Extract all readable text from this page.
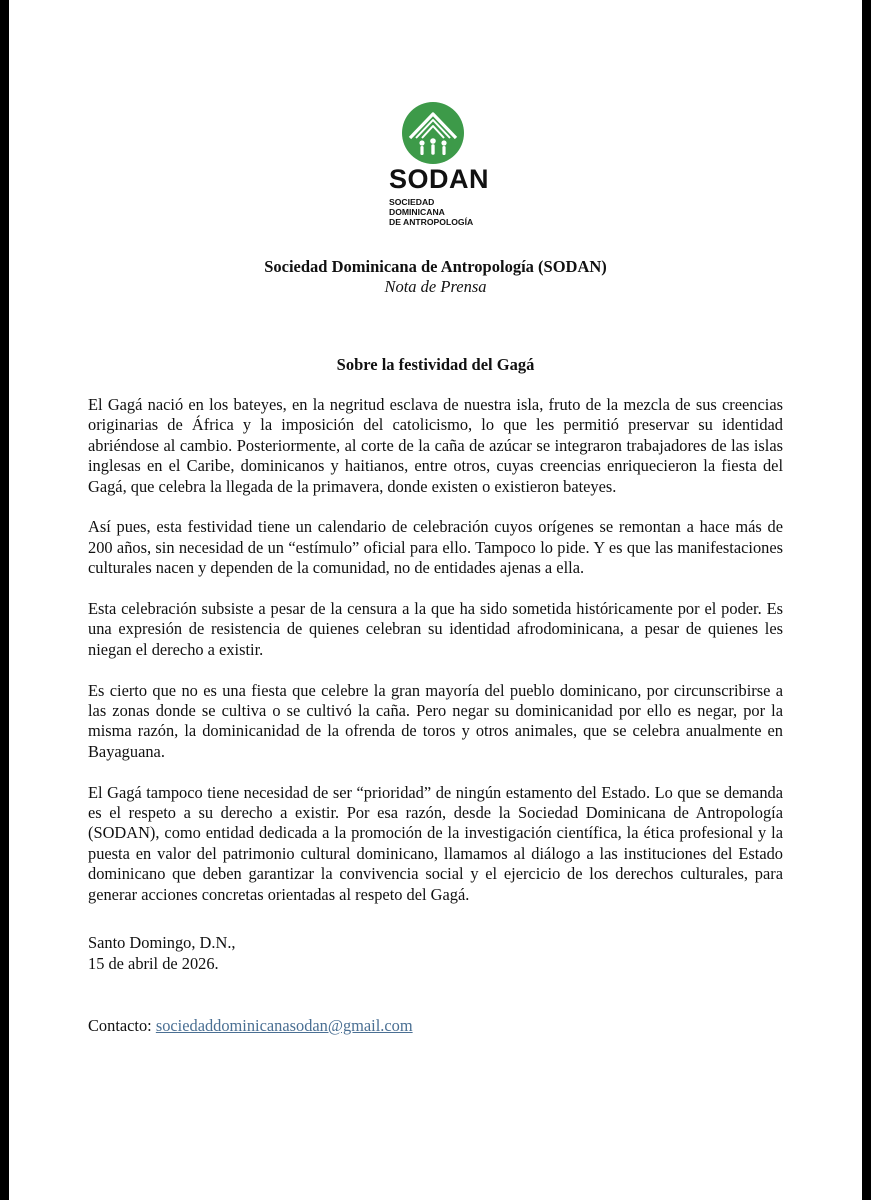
SODAN
SOCIEDAD
DOMINICANA
DE ANTROPOLOGÍA
Sociedad Dominicana de Antropología (SODAN)
Nota de Prensa
Sobre la festividad del Gagá

El Gagá nació en los bateyes, en la negritud esclava de nuestra isla, fruto de la mezcla de sus creencias originarias de África y la imposición del catolicismo, lo que les permitió preservar su identidad abriéndose al cambio. Posteriormente, al corte de la caña de azúcar se integraron trabajadores de las islas inglesas en el Caribe, dominicanos y haitianos, entre otros, cuyas creencias enriquecieron la fiesta del Gagá, que celebra la llegada de la primavera, donde existen o existieron bateyes.

Así pues, esta festividad tiene un calendario de celebración cuyos orígenes se remontan a hace más de 200 años, sin necesidad de un “estímulo” oficial para ello. Tampoco lo pide. Y es que las manifestaciones culturales nacen y dependen de la comunidad, no de entidades ajenas a ella.

Esta celebración subsiste a pesar de la censura a la que ha sido sometida históricamente por el poder. Es una expresión de resistencia de quienes celebran su identidad afrodominicana, a pesar de quienes les niegan el derecho a existir.

Es cierto que no es una fiesta que celebre la gran mayoría del pueblo dominicano, por circunscribirse a las zonas donde se cultiva o se cultivó la caña. Pero negar su dominicanidad por ello es negar, por la misma razón, la dominicanidad de la ofrenda de toros y otros animales, que se celebra anualmente en Bayaguana.

El Gagá tampoco tiene necesidad de ser “prioridad” de ningún estamento del Estado. Lo que se demanda es el respeto a su derecho a existir. Por esa razón, desde la Sociedad Dominicana de Antropología (SODAN), como entidad dedicada a la promoción de la investigación científica, la ética profesional y la puesta en valor del patrimonio cultural dominicano, llamamos al diálogo a las instituciones del Estado dominicano que deben garantizar la convivencia social y el ejercicio de los derechos culturales, para generar acciones concretas orientadas al respeto del Gagá.

Santo Domingo, D.N.,
15 de abril de 2026.
Contacto: sociedaddominicanasodan@gmail.com
